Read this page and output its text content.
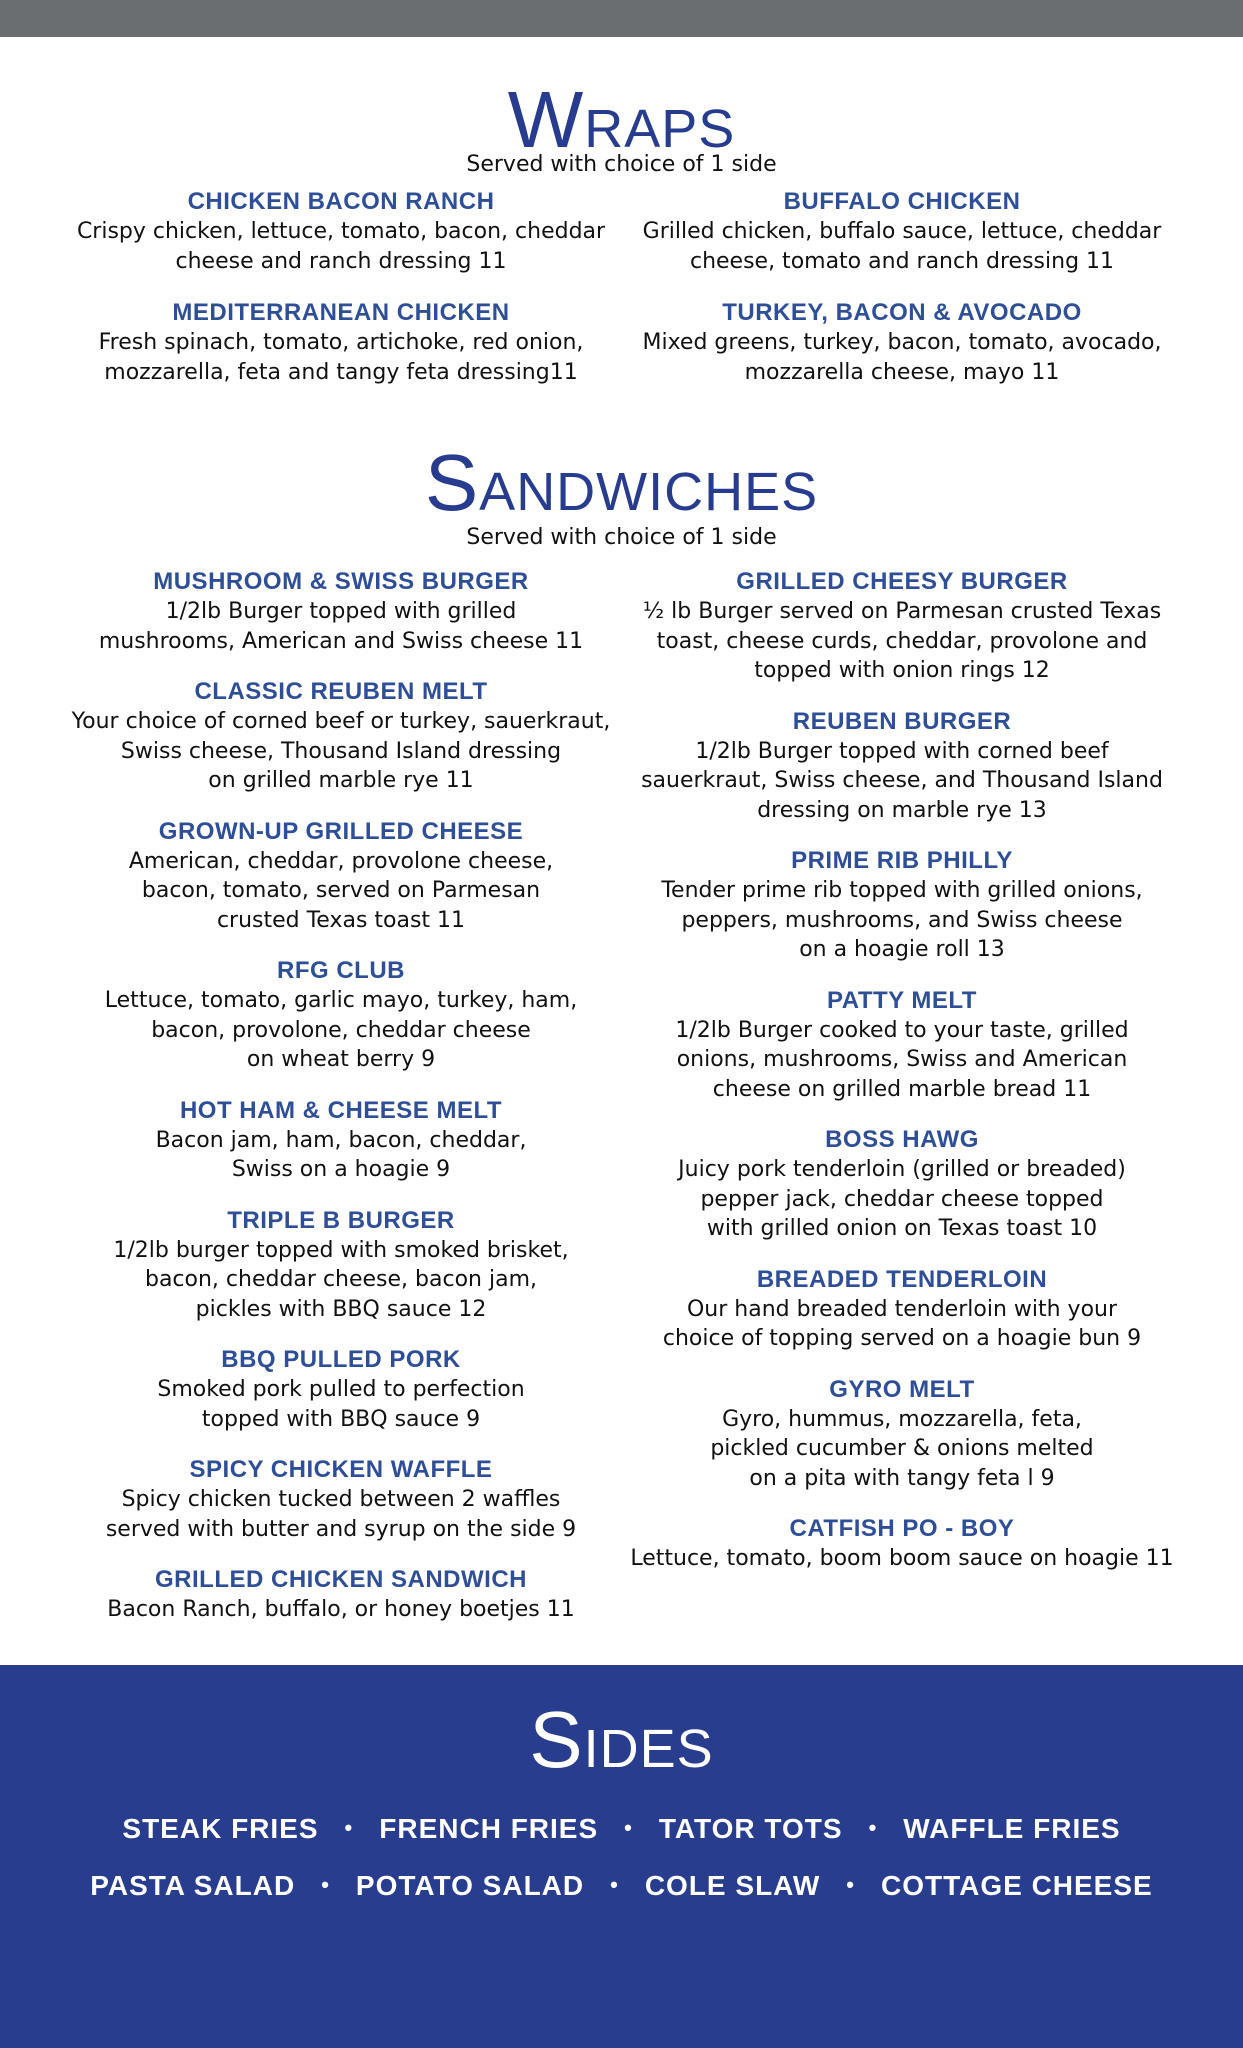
WRAPS
Served with choice of 1 side
CHICKEN BACON RANCH
Crispy chicken, lettuce, tomato, bacon, cheddar
cheese and ranch dressing 11
MEDITERRANEAN CHICKEN
Fresh spinach, tomato, artichoke, red onion,
mozzarella, feta and tangy feta dressing11
BUFFALO CHICKEN
Grilled chicken, buffalo sauce, lettuce, cheddar
cheese, tomato and ranch dressing 11
TURKEY, BACON & AVOCADO
Mixed greens, turkey, bacon, tomato, avocado,
mozzarella cheese, mayo 11
SANDWICHES
Served with choice of 1 side
MUSHROOM & SWISS BURGER
1/2lb Burger topped with grilled
mushrooms, American and Swiss cheese 11
CLASSIC REUBEN MELT
Your choice of corned beef or turkey, sauerkraut,
Swiss cheese, Thousand Island dressing
on grilled marble rye 11
GROWN-UP GRILLED CHEESE
American, cheddar, provolone cheese,
bacon, tomato, served on Parmesan
crusted Texas toast 11
RFG CLUB
Lettuce, tomato, garlic mayo, turkey, ham,
bacon, provolone, cheddar cheese
on wheat berry 9
HOT HAM & CHEESE MELT
Bacon jam, ham, bacon, cheddar,
Swiss on a hoagie 9
TRIPLE B BURGER
1/2lb burger topped with smoked brisket,
bacon, cheddar cheese, bacon jam,
pickles with BBQ sauce 12
BBQ PULLED PORK
Smoked pork pulled to perfection
topped with BBQ sauce 9
SPICY CHICKEN WAFFLE
Spicy chicken tucked between 2 waffles
served with butter and syrup on the side 9
GRILLED CHICKEN SANDWICH
Bacon Ranch, buffalo, or honey boetjes 11
GRILLED CHEESY BURGER
½ lb Burger served on Parmesan crusted Texas
toast, cheese curds, cheddar, provolone and
topped with onion rings 12
REUBEN BURGER
1/2lb Burger topped with corned beef
sauerkraut, Swiss cheese, and Thousand Island
dressing on marble rye 13
PRIME RIB PHILLY
Tender prime rib topped with grilled onions,
peppers, mushrooms, and Swiss cheese
on a hoagie roll 13
PATTY MELT
1/2lb Burger cooked to your taste, grilled
onions, mushrooms, Swiss and American
cheese on grilled marble bread 11
BOSS HAWG
Juicy pork tenderloin (grilled or breaded)
pepper jack, cheddar cheese topped
with grilled onion on Texas toast 10
BREADED TENDERLOIN
Our hand breaded tenderloin with your
choice of topping served on a hoagie bun 9
GYRO MELT
Gyro, hummus, mozzarella, feta,
pickled cucumber & onions melted
on a pita with tangy feta l 9
CATFISH PO - BOY
Lettuce, tomato, boom boom sauce on hoagie 11
SIDES
STEAK FRIES • FRENCH FRIES • TATOR TOTS • WAFFLE FRIES
PASTA SALAD • POTATO SALAD • COLE SLAW • COTTAGE CHEESE
